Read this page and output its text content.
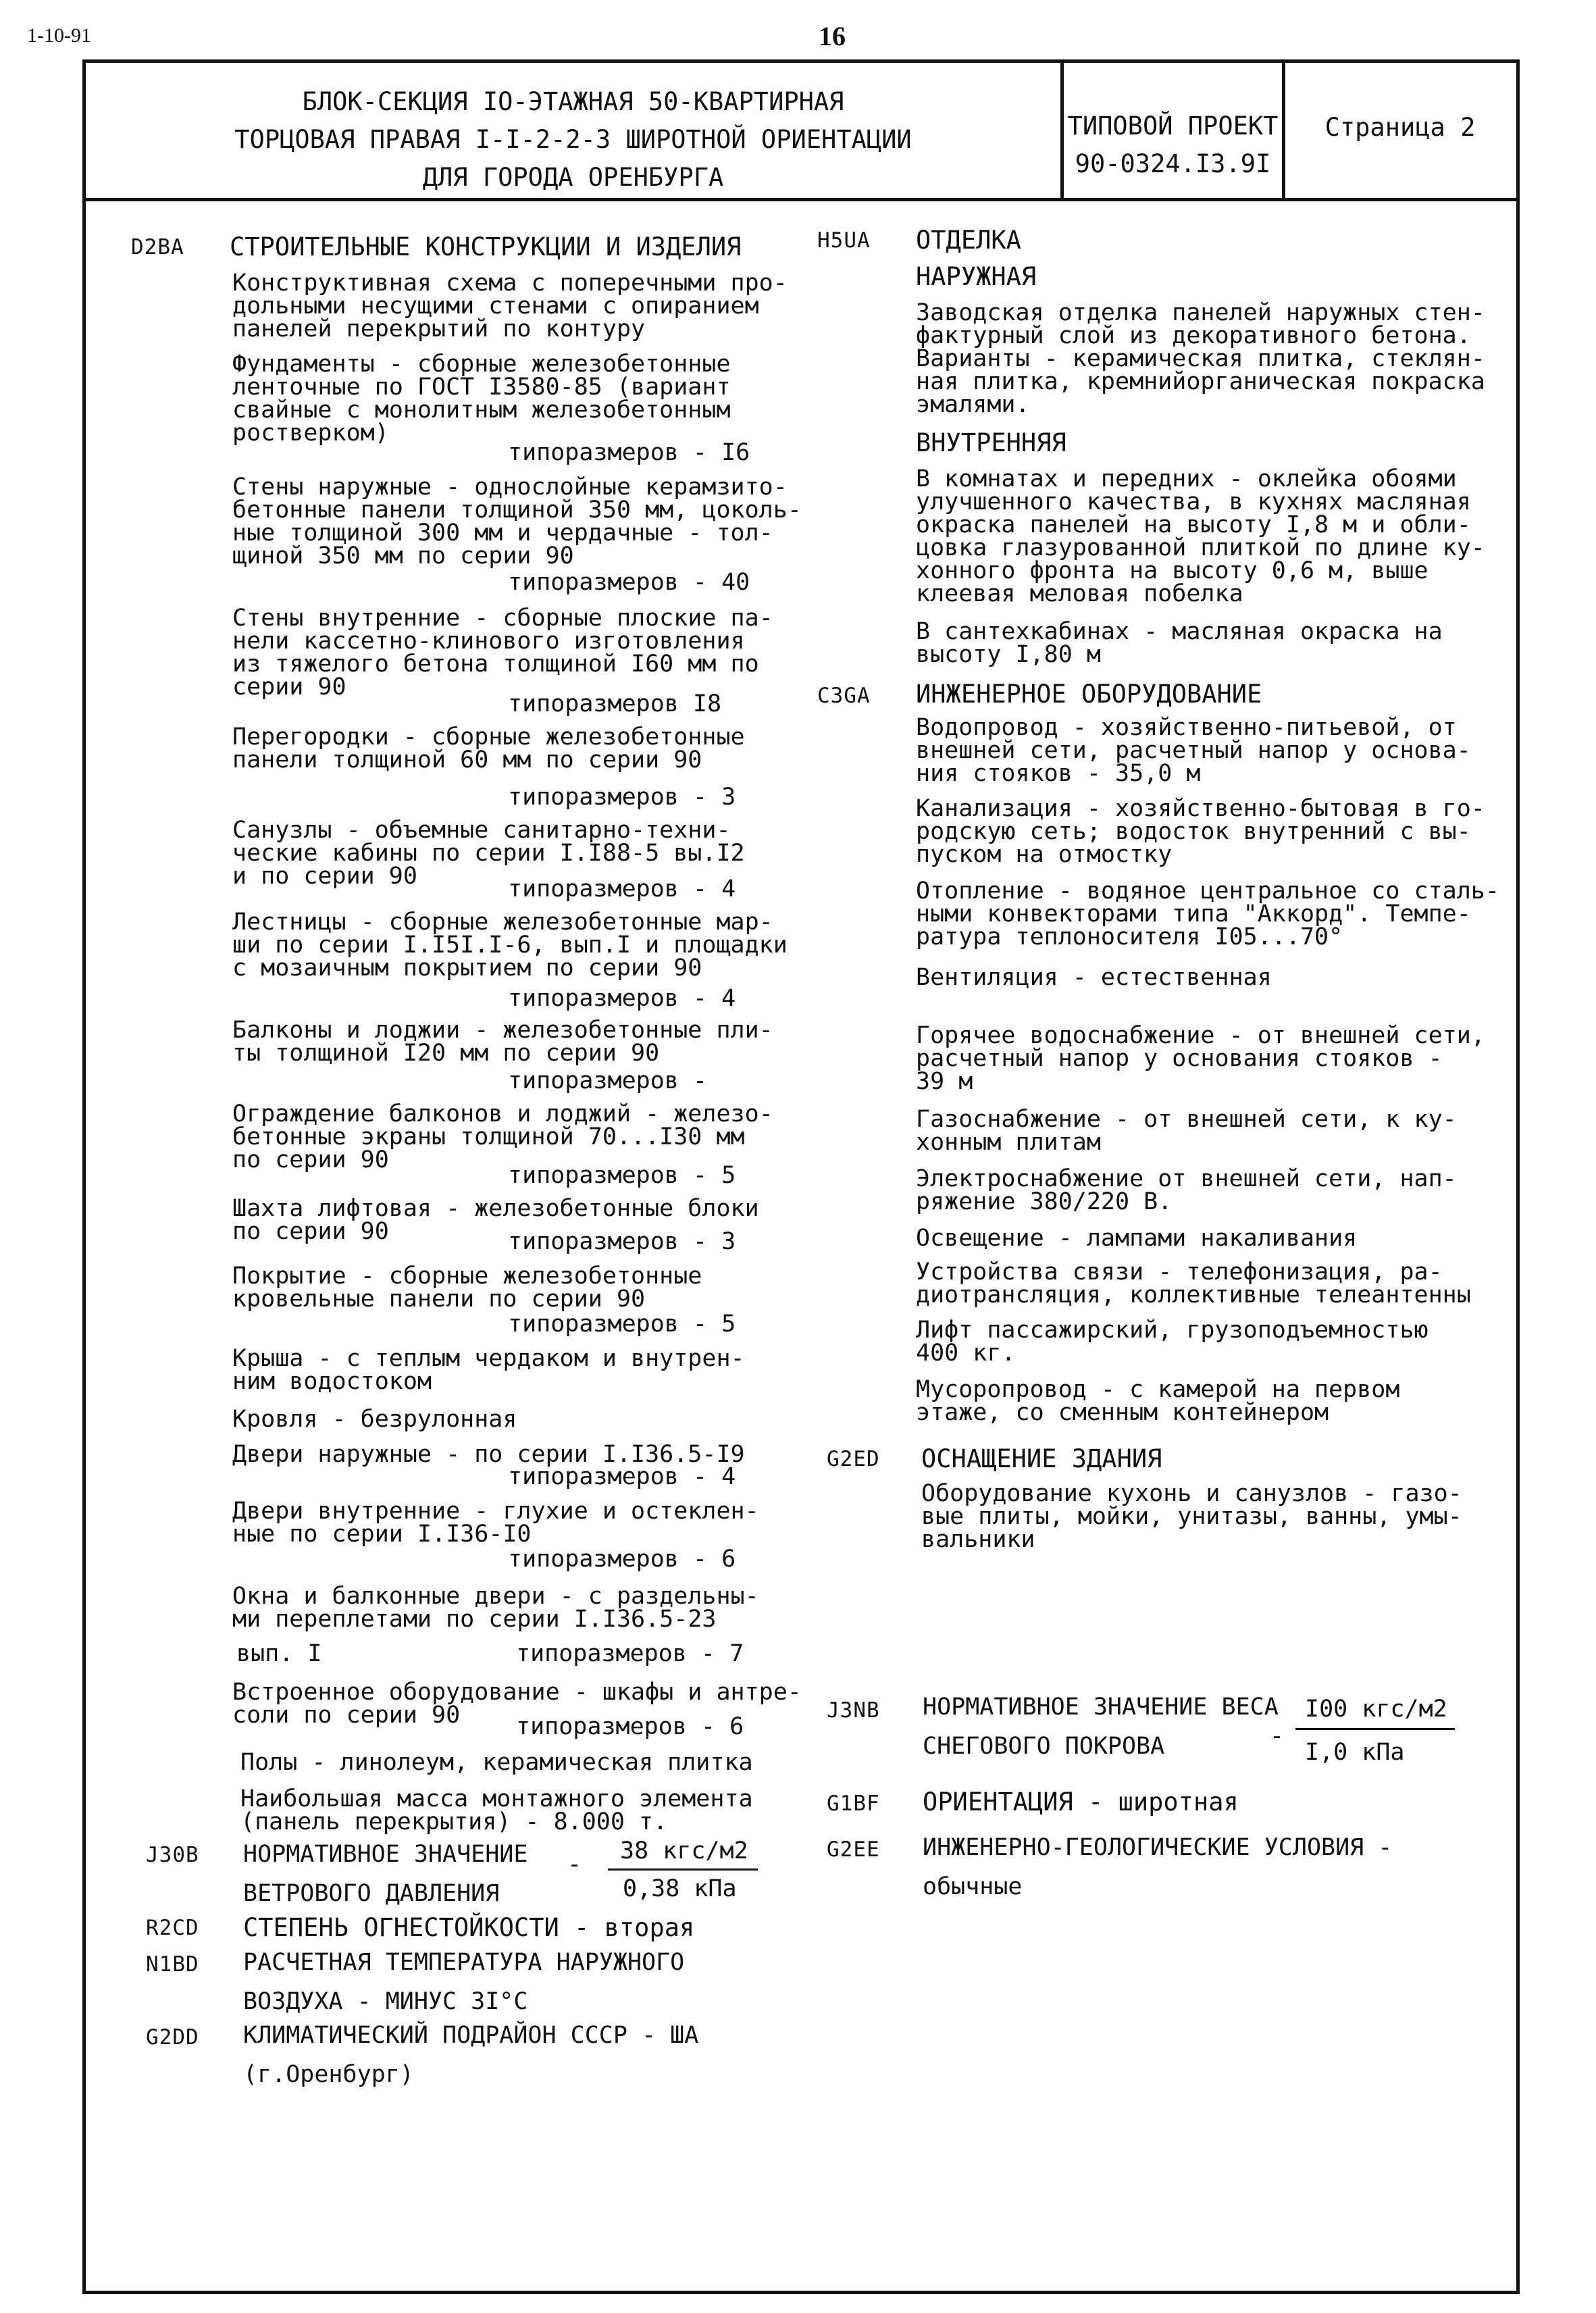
1-10-91	16
БЛОК-СЕКЦИЯ IO-ЭТАЖНАЯ 50-КВАРТИРНАЯ
ТОРЦОВАЯ ПРАВАЯ I-I-2-2-3 ШИРОТНОЙ ОРИЕНТАЦИИ
ДЛЯ ГОРОДА ОРЕНБУРГА
ТИПОВОЙ ПРОЕКТ
90-0324.I3.9I
Страница 2
D2BA СТРОИТЕЛЬНЫЕ КОНСТРУКЦИИ И ИЗДЕЛИЯ
Конструктивная схема с поперечными про-
дольными несущими стенами с опиранием
панелей перекрытий по контуру
Фундаменты - сборные железобетонные
ленточные по ГОСТ I3580-85 (вариант
свайные с монолитным железобетонным
ростверком)
типоразмеров - I6
Стены наружные - однослойные керамзито-
бетонные панели толщиной 350 мм, цоколь-
ные толщиной 300 мм и чердачные - тол-
щиной 350 мм по серии 90
типоразмеров - 40
Стены внутренние - сборные плоские па-
нели кассетно-клинового изготовления
из тяжелого бетона толщиной I60 мм по
серии 90
типоразмеров I8
Перегородки - сборные железобетонные
панели толщиной 60 мм по серии 90
типоразмеров - 3
Санузлы - объемные санитарно-техни-
ческие кабины по серии I.I88-5 вы.I2
и по серии 90	типоразмеров - 4
Лестницы - сборные железобетонные мар-
ши по серии I.I5I.I-6, вып.I и площадки
с мозаичным покрытием по серии 90
типоразмеров - 4
Балконы и лоджии - железобетонные пли-
ты толщиной I20 мм по серии 90
типоразмеров -
Ограждение балконов и лоджий - железо-
бетонные экраны толщиной 70...I30 мм
по серии 90
типоразмеров - 5
Шахта лифтовая - железобетонные блоки
по серии 90	типоразмеров - 3
Покрытие - сборные железобетонные
кровельные панели по серии 90
типоразмеров - 5
Крыша - с теплым чердаком и внутрен-
ним водостоком
Кровля - безрулонная
Двери наружные - по серии I.I36.5-I9
типоразмеров - 4
Двери внутренние - глухие и остеклен-
ные по серии I.I36-I0
типоразмеров - 6
Окна и балконные двери - с раздельны-
ми переплетами по серии I.I36.5-23
вып. I	типоразмеров - 7
Встроенное оборудование - шкафы и антре-
соли по серии 90	типоразмеров - 6
Полы - линолеум, керамическая плитка
Наибольшая масса монтажного элемента
(панель перекрытия) - 8.000 т.
J30B НОРМАТИВНОЕ ЗНАЧЕНИЕ
ВЕТРОВОГО ДАВЛЕНИЯ
- 38 кгс/м2
0,38 кПа
R2CD СТЕПЕНЬ ОГНЕСТОЙКОСТИ - вторая
N1BD РАСЧЕТНАЯ ТЕМПЕРАТУРА НАРУЖНОГО
ВОЗДУХА - МИНУС 3I°С
G2DD КЛИМАТИЧЕСКИЙ ПОДРАЙОН СССР - ШA
(г.Оренбург)
H5UA ОТДЕЛКА
НАРУЖНАЯ
Заводская отделка панелей наружных стен-
фактурный слой из декоративного бетона.
Варианты - керамическая плитка, стеклян-
ная плитка, кремнийорганическая покраска
эмалями.
ВНУТРЕННЯЯ
В комнатах и передних - оклейка обоями
улучшенного качества, в кухнях масляная
окраска панелей на высоту I,8 м и обли-
цовка глазурованной плиткой по длине ку-
хонного фронта на высоту 0,6 м, выше
клеевая меловая побелка
В сантехкабинах - масляная окраска на
высоту I,80 м
C3GA ИНЖЕНЕРНОЕ ОБОРУДОВАНИЕ
Водопровод - хозяйственно-питьевой, от
внешней сети, расчетный напор у основа-
ния стояков - 35,0 м
Канализация - хозяйственно-бытовая в го-
родскую сеть; водосток внутренний с вы-
пуском на отмостку
Отопление - водяное центральное со сталь-
ными конвекторами типа "Аккорд". Темпе-
ратура теплоносителя I05...70°
Вентиляция - естественная
Горячее водоснабжение - от внешней сети,
расчетный напор у основания стояков -
39 м
Газоснабжение - от внешней сети, к ку-
хонным плитам
Электроснабжение от внешней сети, нап-
ряжение 380/220 В.
Освещение - лампами накаливания
Устройства связи - телефонизация, ра-
диотрансляция, коллективные телеантенны
Лифт пассажирский, грузоподъемностью
400 кг.
Мусоропровод - с камерой на первом
этаже, со сменным контейнером
G2ED ОСНАЩЕНИЕ ЗДАНИЯ
Оборудование кухонь и санузлов - газо-
вые плиты, мойки, унитазы, ванны, умы-
вальники
J3NB НОРМАТИВНОЕ ЗНАЧЕНИЕ ВЕСА
СНЕГОВОГО ПОКРОВА	-
I00 кгс/м2
I,0 кПа
G1BF ОРИЕНТАЦИЯ - широтная
G2EE ИНЖЕНЕРНО-ГЕОЛОГИЧЕСКИЕ УСЛОВИЯ -
обычные
